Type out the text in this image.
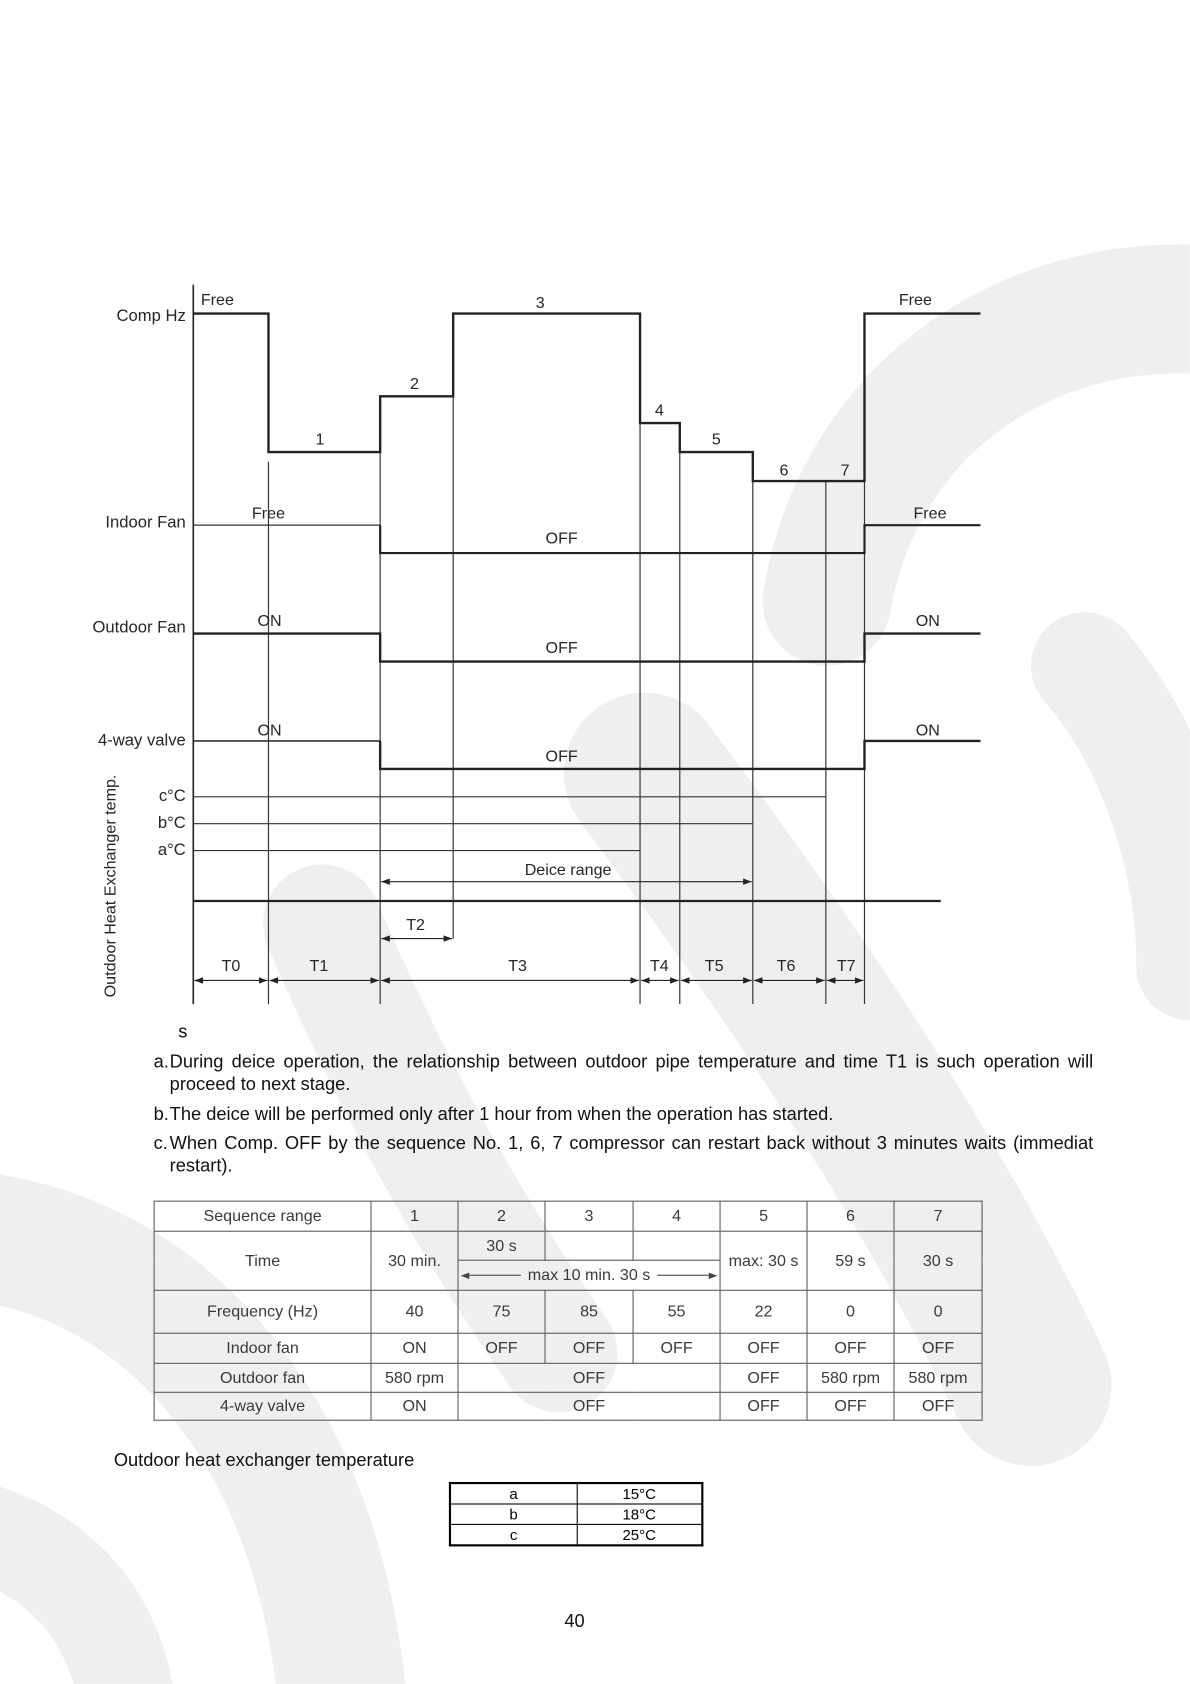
Comp Hz
Indoor Fan
Outdoor Fan
4-way valve
c°C
b°C
a°C
Outdoor Heat Exchanger temp.
Free
1
2
3
4
5
6	7
Free
Free
OFF
Free
ON
OFF
ON
ON
OFF
ON
Deice range
T2
T0	T1	T3	T4 T5	T6	T7
s
a. During deice operation, the relationship between outdoor pipe temperature and time T1 is such operation will proceed to next stage.
b. The deice will be performed only after 1 hour from when the operation has started.
c. When Comp. OFF by the sequence No. 1, 6, 7 compressor can restart back without 3 minutes waits (immediat restart).
Sequence range	1	2	3	4	5	6	7
Time	30 min.	30 s			max: 30 s	59 s	30 s

		max 10 min. 30 s					

Frequency (Hz)	40	75	85	55	22	0	0
Indoor fan	ON	OFF	OFF	OFF	OFF	OFF	OFF
Outdoor fan	580 rpm	OFF			OFF	580 rpm	580 rpm
4-way valve	ON	OFF			OFF	OFF	OFF
Outdoor heat exchanger temperature
a	15°C
b	18°C
c	25°C
40
